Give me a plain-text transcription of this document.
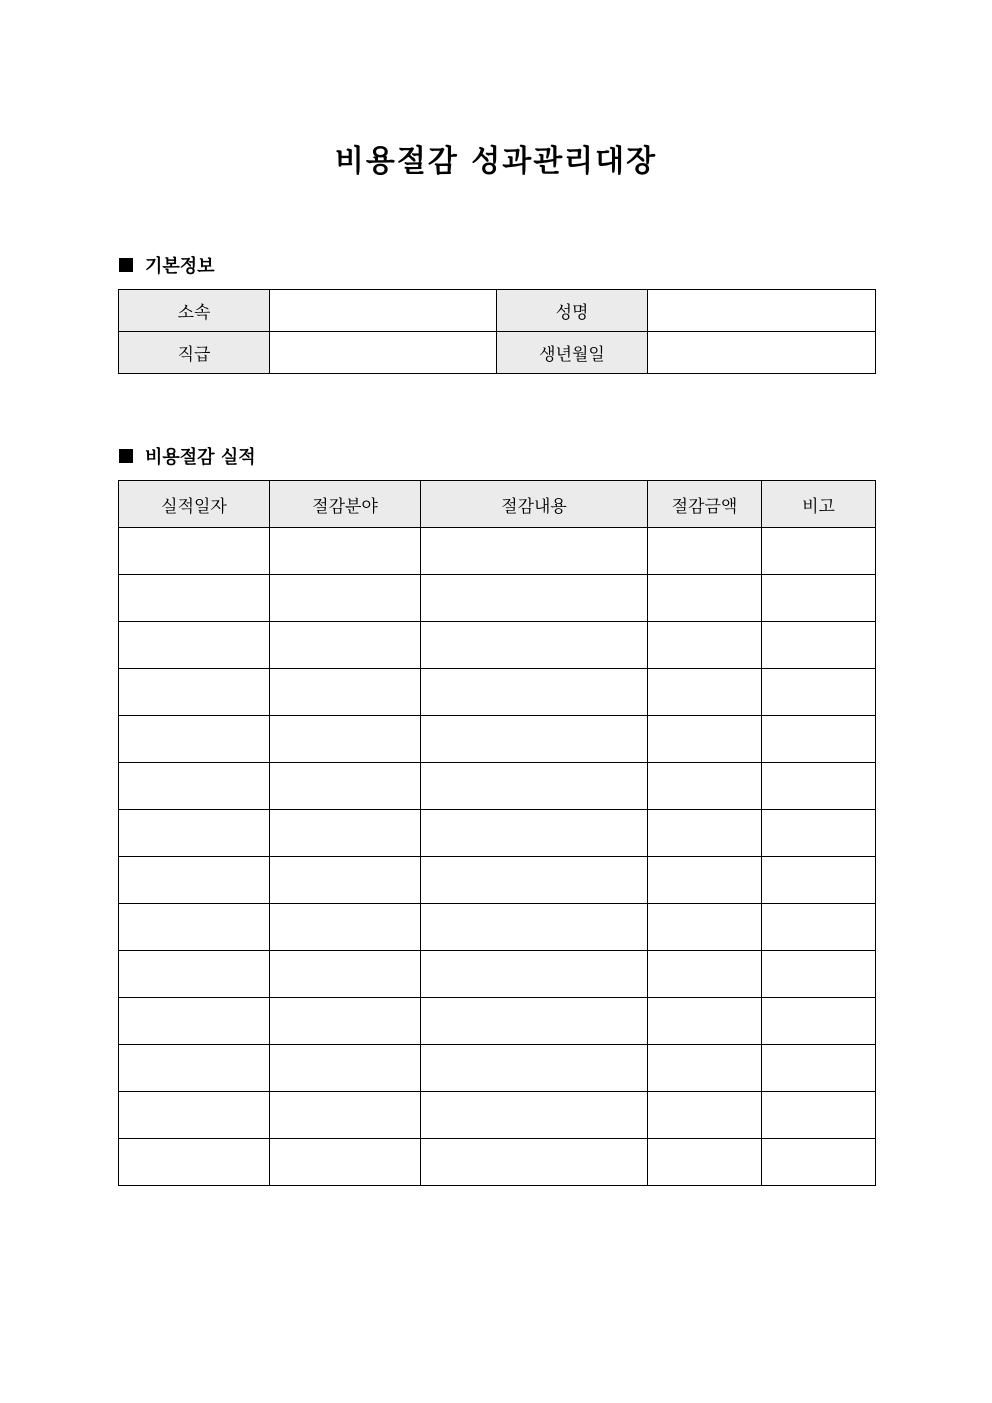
비용절감 성과관리대장
기본정보
소속		성명	
직급		생년월일	
비용절감 실적
실적일자	절감분야	절감내용	절감금액	비고
